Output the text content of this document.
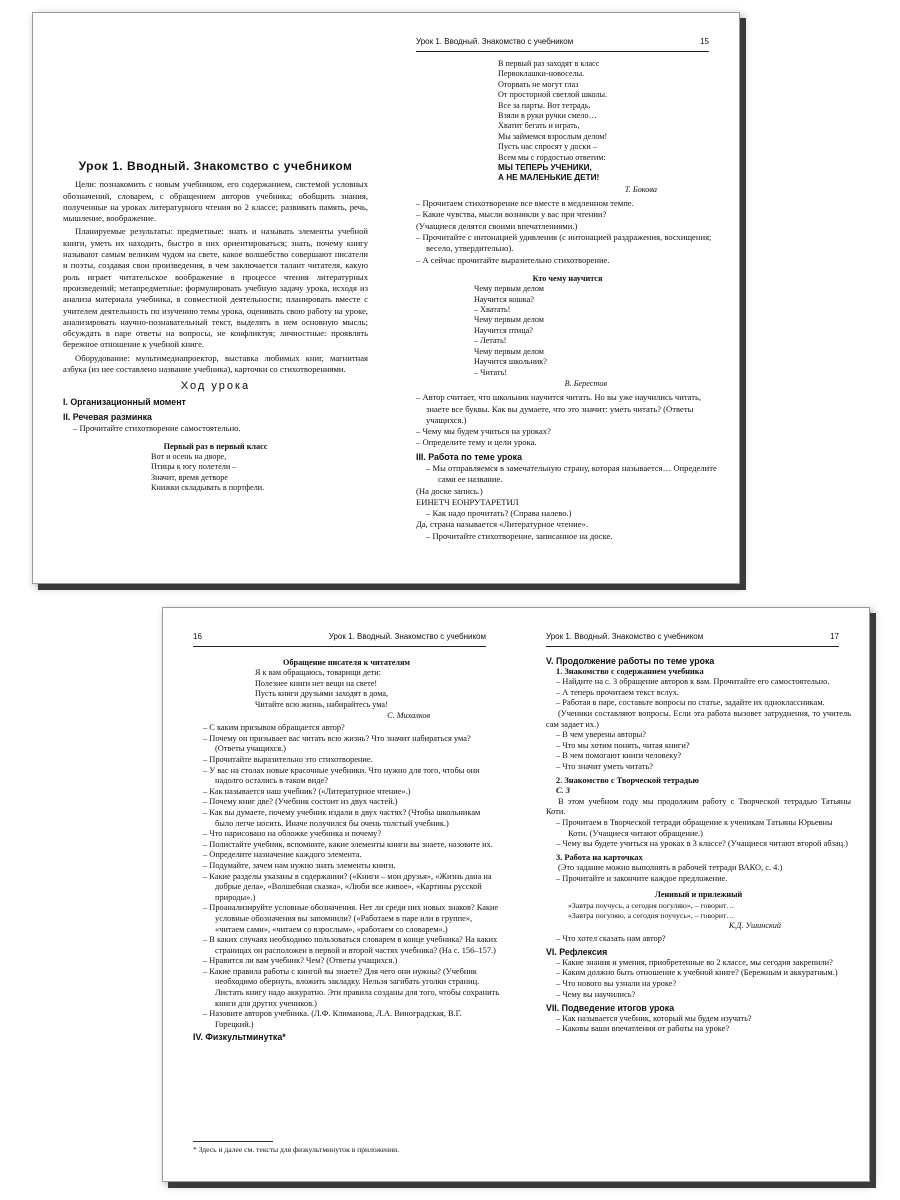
Урок 1. Вводный. Знакомство с учебником

Цели: познакомить с новым учебником, его содержанием, системой условных обозначений, словарем, с обращением авторов учебника; обобщить знания, полученные на уроках литературного чтения во 2 классе; развивать память, речь, мышление, воображение.

Планируемые результаты: предметные: знать и называть элементы учебной книги, уметь их находить, быстро в них ориентироваться; знать, почему книгу называют самым великим чудом на свете, какое волшебство совершают писатели и поэты, создавая свои произведения, в чем заключается талант читателя, какую роль играет читательское воображение в процессе чтения литературных произведений; метапредметные: формулировать учебную задачу урока, исходя из анализа материала учебника, в совместной деятельности; планировать вместе с учителем деятельность по изучению темы урока, оценивать свою работу на уроке, анализировать научно-познавательный текст, выделять в нем основную мысль; обсуждать в паре ответы на вопросы, не конфликтуя; личностные: проявлять бережное отношение к учебной книге.

Оборудование: мультимедиапроектор, выставка любимых книг, магнитная азбука (из нее составлено название учебника), карточки со стихотворениями.

Ход урока
I. Организационный момент
II. Речевая разминка

– Прочитайте стихотворение самостоятельно.

Первый раз в первый класс
Вот и осень на дворе,
Птицы к югу полетели –
Значит, время детворе
Книжки складывать в портфели.
Урок 1. Вводный. Знакомство с учебником	15
В первый раз заходят в класс
Первоклашки-новоселы.
Оторвать не могут глаз
От просторной светлой школы.
Все за парты. Вот тетрадь.
Взяли в руки ручки смело…
Хватит бегать и играть,
Мы займемся взрослым делом!
Пусть нас спросят у доски –
Всем мы с гордостью ответим:
МЫ ТЕПЕРЬ УЧЕНИКИ,
А НЕ МАЛЕНЬКИЕ ДЕТИ!
Т. Бокова

– Прочитаем стихотворение все вместе в медленном темпе.

– Какие чувства, мысли возникли у вас при чтении?

(Учащиеся делятся своими впечатлениями.)

– Прочитайте с интонацией удивления (с интонацией раздражения, восхищения; весело, утвердительно).

– А сейчас прочитайте выразительно стихотворение.

Кто чему научится
Чему первым делом
Научится кошка?
– Хватать!
Чему первым делом
Научится птица?
– Летать!
Чему первым делом
Научится школьник?
– Читать!
В. Берестов

– Автор считает, что школьник научится читать. Но вы уже научились читать, знаете все буквы. Как вы думаете, что это значит: уметь читать? (Ответы учащихся.)

– Чему мы будем учиться на уроках?

– Определите тему и цели урока.

III. Работа по теме урока

– Мы отправляемся в замечательную страну, которая называется… Определите сами ее название.

(На доске запись.)

ЕИНЕТЧ ЕОНРУТАРЕТИЛ

– Как надо прочитать? (Справа налево.)

Да, страна называется «Литературное чтение».

– Прочитайте стихотворение, записанное на доске.

16	Урок 1. Вводный. Знакомство с учебником
Обращение писателя к читателям
Я к вам обращаюсь, товарищи дети:
Полезнее книги нет вещи на свете!
Пусть книги друзьями заходят в дома,
Читайте всю жизнь, набирайтесь ума!
С. Михалков

– С каким призывом обращается автор?

– Почему он призывает вас читать всю жизнь? Что значит набираться ума? (Ответы учащихся.)

– Прочитайте выразительно это стихотворение.

– У вас на столах новые красочные учебники. Что нужно для того, чтобы они надолго остались в таком виде?

– Как называется наш учебник? («Литературное чтение».)

– Почему книг две? (Учебник состоит из двух частей.)

– Как вы думаете, почему учебник издали в двух частях? (Чтобы школьникам было легче носить. Иначе получился бы очень толстый учебник.)

– Что нарисовано на обложке учебника и почему?

– Полистайте учебник, вспомните, какие элементы книги вы знаете, назовите их.

– Определите назначение каждого элемента.

– Подумайте, зачем нам нужно знать элементы книги.

– Какие разделы указаны в содержании? («Книги – мои друзья», «Жизнь дана на добрые дела», «Волшебная сказка», «Люби все живое», «Картины русской природы».)

– Проанализируйте условные обозначения. Нет ли среди них новых знаков? Какие условные обозначения вы запомнили? («Работаем в паре или в группе», «читаем сами», «читаем со взрослым», «работаем со словарем».)

– В каких случаях необходимо пользоваться словарем в конце учебника? На каких страницах он расположен в первой и второй частях учебника? (На с. 156–157.)

– Нравится ли вам учебник? Чем? (Ответы учащихся.)

– Какие правила работы с книгой вы знаете? Для чего они нужны? (Учебник необходимо обернуть, вложить закладку. Нельзя загибать уголки страниц. Листать книгу надо аккуратно. Эти правила созданы для того, чтобы сохранить книги для других учеников.)

– Назовите авторов учебника. (Л.Ф. Климанова, Л.А. Виноградская, В.Г. Горецкий.)

IV. Физкультминутка*
* Здесь и далее см. тексты для физкультминуток в приложении.
Урок 1. Вводный. Знакомство с учебником	17
V. Продолжение работы по теме урока
1. Знакомство с содержанием учебника

– Найдите на с. 3 обращение авторов к вам. Прочитайте его самостоятельно.

– А теперь прочитаем текст вслух.

– Работая в паре, составьте вопросы по статье, задайте их одноклассникам.

(Ученики составляют вопросы. Если эта работа вызовет затруднения, то учитель сам задает их.)

– В чем уверены авторы?

– Что мы хотим понять, читая книги?

– В чем помогают книги человеку?

– Что значит уметь читать?

2. Знакомство с Творческой тетрадью
С. 3

В этом учебном году мы продолжим работу с Творческой тетрадью Татьяны Коти.

– Прочитаем в Творческой тетради обращение к ученикам Татьяны Юрьевны Коти. (Учащиеся читают обращение.)

– Чему вы будете учиться на уроках в 3 классе? (Учащиеся читают второй абзац.)

3. Работа на карточках

(Это задание можно выполнять в рабочей тетради ВАКО, с. 4.)

– Прочитайте и закончите каждое предложение.

Ленивый и прилежный
«Завтра поучусь, а сегодня погуляю», – говорит…
«Завтра погуляю, а сегодня поучусь», – говорит…
К.Д. Ушинский

– Что хотел сказать нам автор?

VI. Рефлексия

– Какие знания и умения, приобретенные во 2 классе, мы сегодня закрепили?

– Каким должно быть отношение к учебной книге? (Бережным и аккуратным.)

– Что нового вы узнали на уроке?

– Чему вы научились?

VII. Подведение итогов урока

– Как называется учебник, который мы будем изучать?

– Каковы ваши впечатления от работы на уроке?
